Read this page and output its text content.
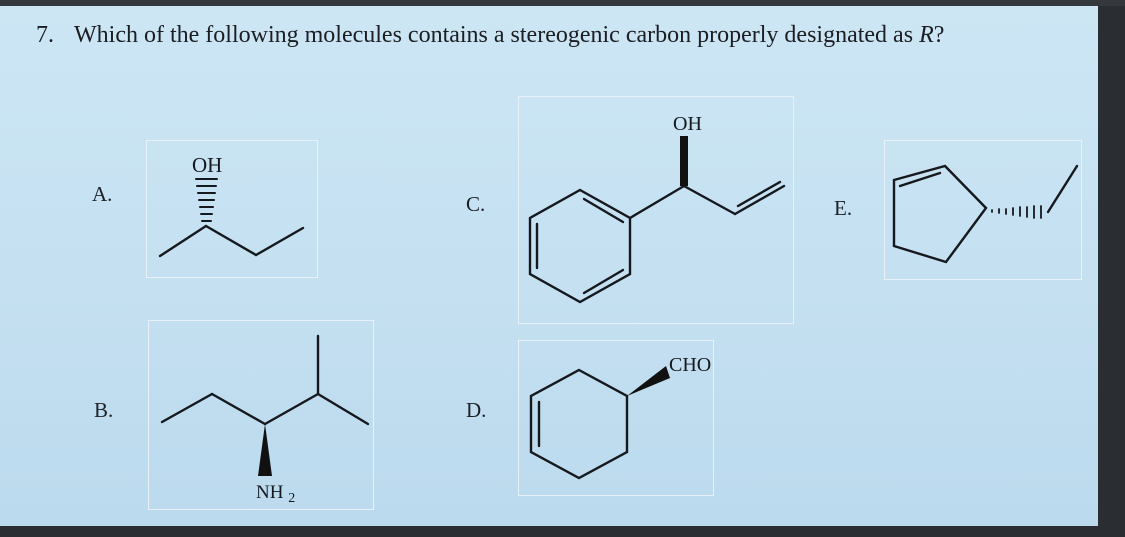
7. Which of the following molecules contains a stereogenic carbon properly designated as R?
A.
B.
C.
D.
E.
OH
NH $_2$
OH
CHO
